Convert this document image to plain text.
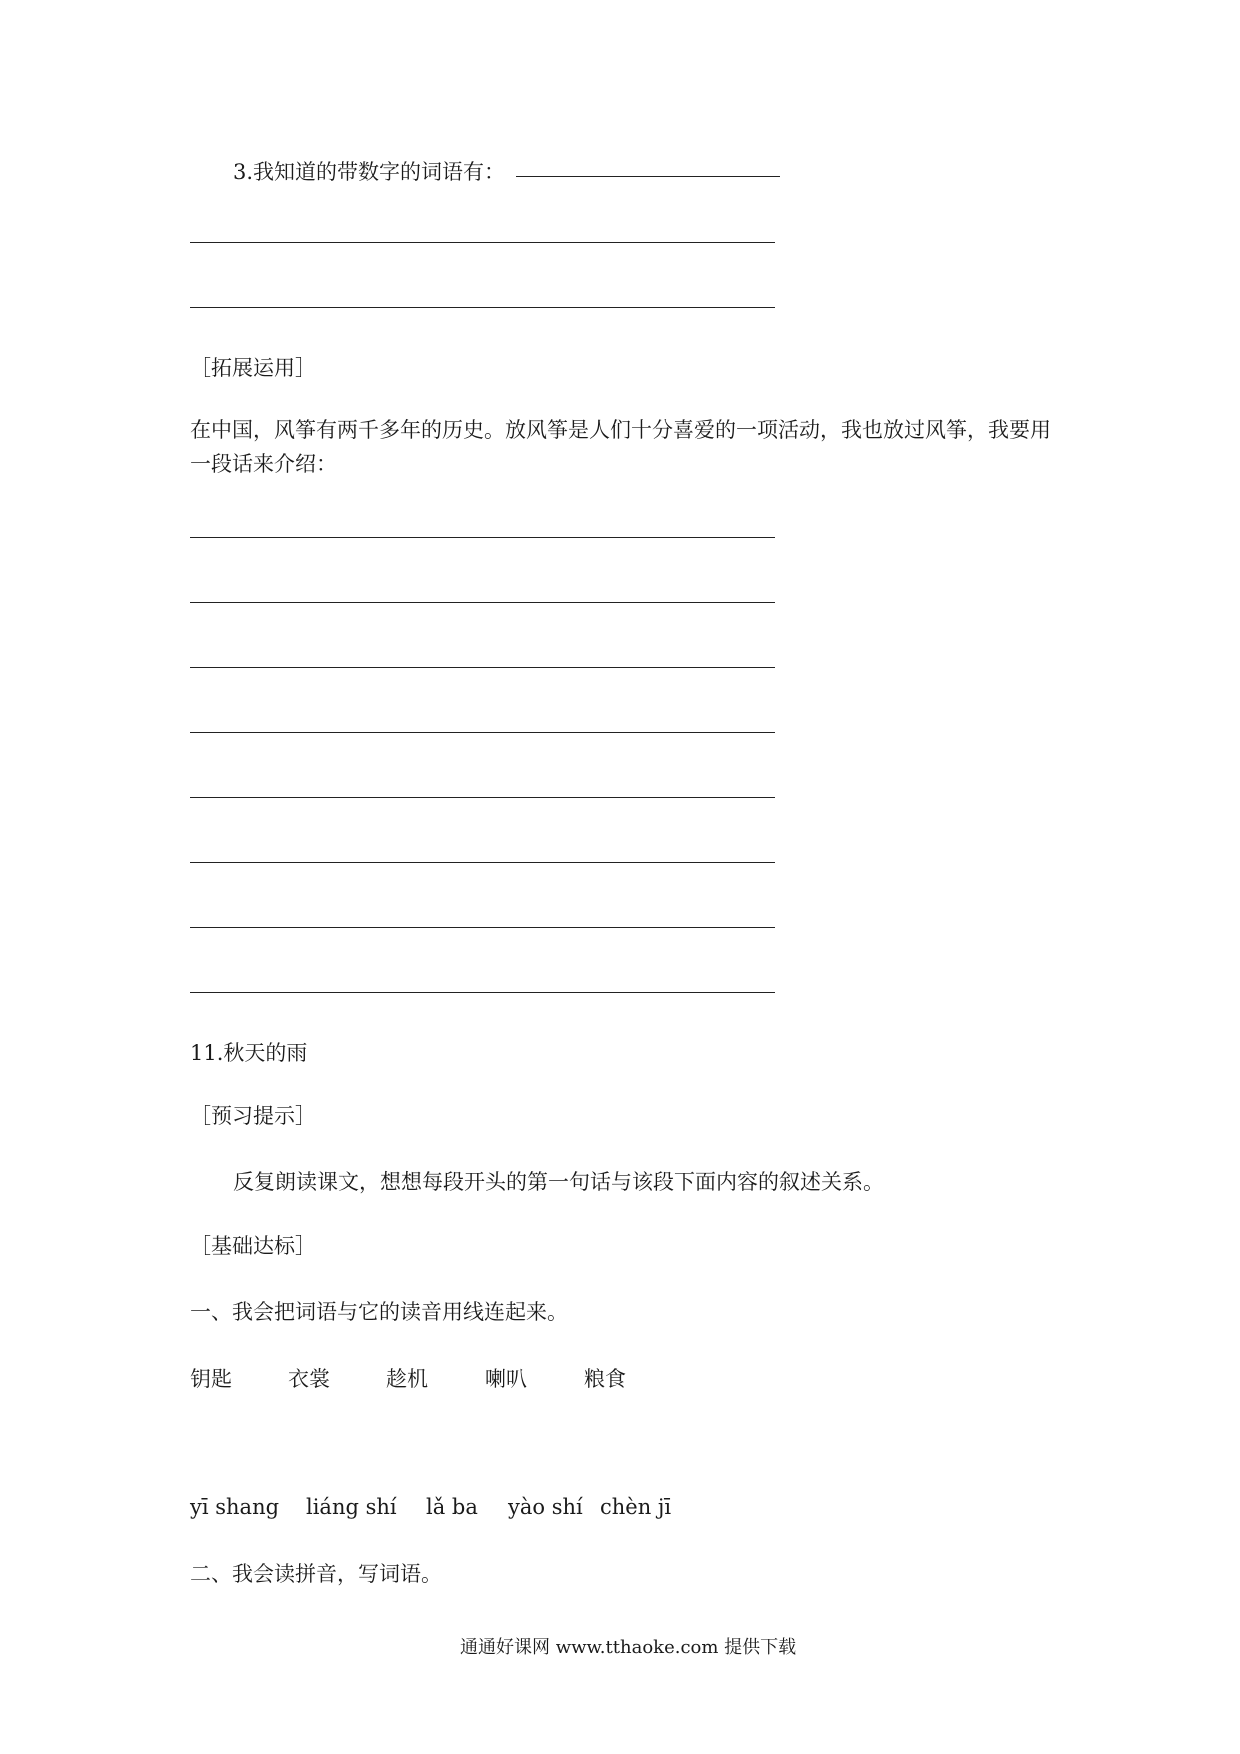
3.我知道的带数字的词语有：
［拓展运用］
在中国，风筝有两千多年的历史。放风筝是人们十分喜爱的一项活动，我也放过风筝，我要用一段话来介绍：
11.秋天的雨
［预习提示］
反复朗读课文，想想每段开头的第一句话与该段下面内容的叙述关系。
［基础达标］
一、我会把词语与它的读音用线连起来。
钥匙	衣裳	趁机	喇叭	粮食
yī shang liáng shí lǎ ba yào shí chèn jī
二、我会读拼音，写词语。
通通好课网 www.tthaoke.com 提供下载
